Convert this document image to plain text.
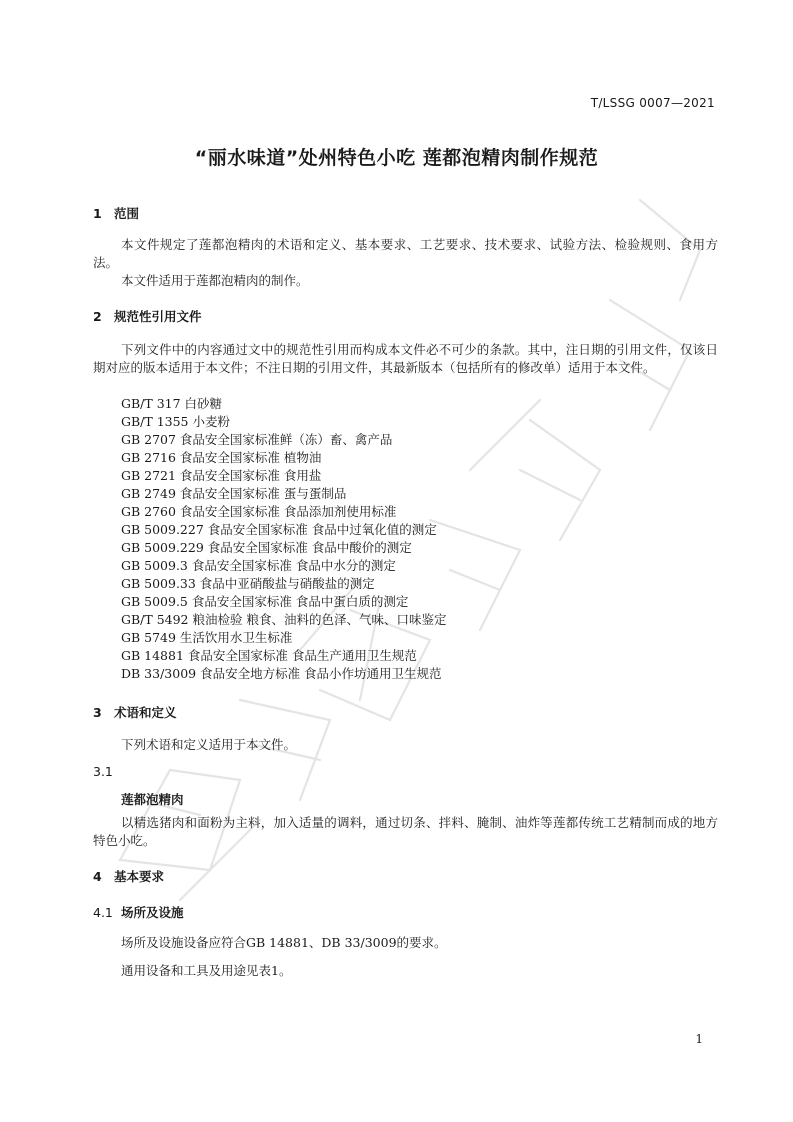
T/LSSG 0007—2021
“丽水味道”处州特色小吃 莲都泡精肉制作规范
1 范围

本文件规定了莲都泡精肉的术语和定义、基本要求、工艺要求、技术要求、试验方法、检验规则、食用方法。

本文件适用于莲都泡精肉的制作。

2 规范性引用文件

下列文件中的内容通过文中的规范性引用而构成本文件必不可少的条款。其中，注日期的引用文件，仅该日期对应的版本适用于本文件；不注日期的引用文件，其最新版本（包括所有的修改单）适用于本文件。

GB/T 317 白砂糖

GB/T 1355 小麦粉

GB 2707 食品安全国家标准鲜（冻）畜、禽产品

GB 2716 食品安全国家标准 植物油

GB 2721 食品安全国家标准 食用盐

GB 2749 食品安全国家标准 蛋与蛋制品

GB 2760 食品安全国家标准 食品添加剂使用标准

GB 5009.227 食品安全国家标准 食品中过氧化值的测定

GB 5009.229 食品安全国家标准 食品中酸价的测定

GB 5009.3 食品安全国家标准 食品中水分的测定

GB 5009.33 食品中亚硝酸盐与硝酸盐的测定

GB 5009.5 食品安全国家标准 食品中蛋白质的测定

GB/T 5492 粮油检验 粮食、油料的色泽、气味、口味鉴定

GB 5749 生活饮用水卫生标准

GB 14881 食品安全国家标准 食品生产通用卫生规范

DB 33/3009 食品安全地方标准 食品小作坊通用卫生规范

3 术语和定义

下列术语和定义适用于本文件。

3.1
莲都泡精肉

以精选猪肉和面粉为主料，加入适量的调料，通过切条、拌料、腌制、油炸等莲都传统工艺精制而成的地方特色小吃。

4 基本要求
4.1 场所及设施

场所及设施设备应符合GB 14881、DB 33/3009的要求。

通用设备和工具及用途见表1。

1
